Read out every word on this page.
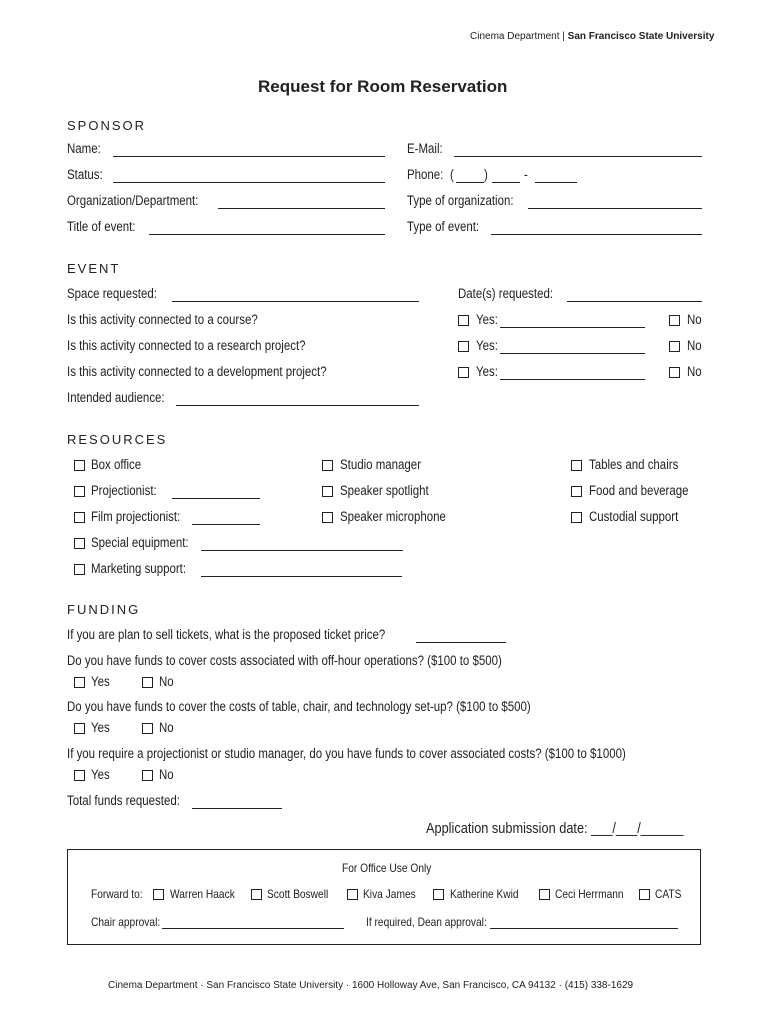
Cinema Department | San Francisco State University
Request for Room Reservation
SPONSOR
Name:	E-Mail:
Status:	Phone: ( )	-
Organization/Department:	Type of organization:
Title of event:	Type of event:
EVENT
Space requested:	Date(s) requested:
Is this activity connected to a course?	Yes:	No
Is this activity connected to a research project?	Yes:	No
Is this activity connected to a development project?	Yes:	No
Intended audience:
RESOURCES
Box office	Studio manager	Tables and chairs
Projectionist:	Speaker spotlight	Food and beverage
Film projectionist:	Speaker microphone	Custodial support
Special equipment:
Marketing support:
FUNDING
If you are plan to sell tickets, what is the proposed ticket price?
Do you have funds to cover costs associated with off-hour operations? ($100 to $500)
Yes	No
Do you have funds to cover the costs of table, chair, and technology set-up? ($100 to $500)
Yes	No
If you require a projectionist or studio manager, do you have funds to cover associated costs? ($100 to $1000)
Yes	No
Total funds requested:
Application submission date: ___/___/______
For Office Use Only
Forward to: Warren Haack	Scott Boswell	Kiva James	Katherine Kwid	Ceci Herrmann	CATS
Chair approval:	If required, Dean approval:
Cinema Department · San Francisco State University · 1600 Holloway Ave, San Francisco, CA 94132 · (415) 338-1629
